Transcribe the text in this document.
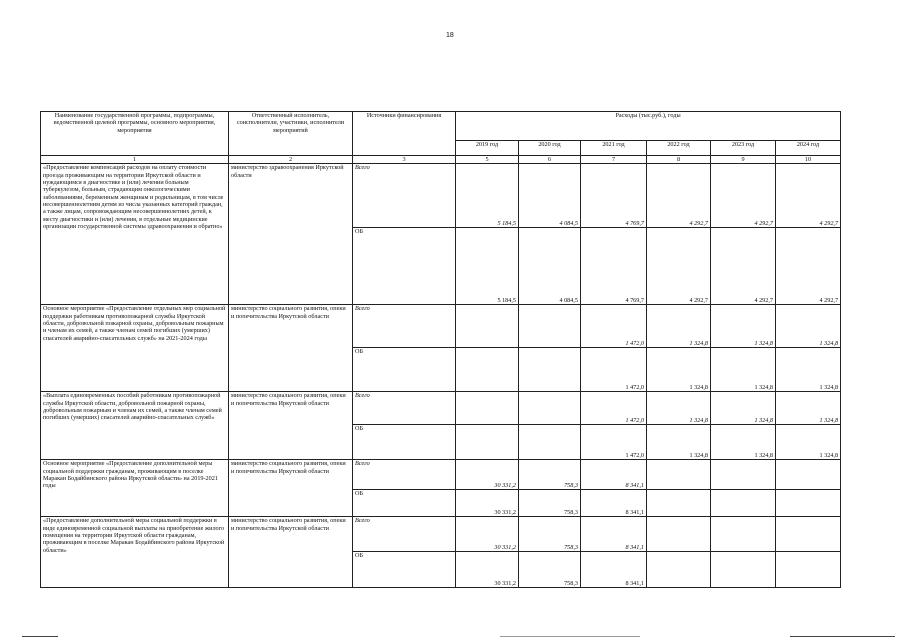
18
Наименование государственной программы, подпрограммы, ведомственной целевой программы, основного мероприятия, мероприятия	Ответственный исполнитель, соисполнители, участники, исполнители мероприятий	Источники финансирования	Расходы (тыс.руб.), годы					
			2019 год	2020 год	2021 год	2022 год	2023 год	2024 год
1	2	3	5	6	7	8	9	10
«Предоставление компенсаций расходов на оплату стоимости проезда проживающим на территории Иркутской области и нуждающимся в диагностике и (или) лечении больным туберкулезом, больным, страдающим онкологическими заболеваниями, беременным женщинам и родильницам, в том числе несовершеннолетним детям из числа указанных категорий граждан, а также лицам, сопровождающим несовершеннолетних детей, к месту диагностики и (или) лечения, в отдельные медицинские организации государственной системы здравоохранения и обратно»	министерство здравоохранения Иркутской области	Всего	5 184,5	4 084,5	4 769,7	4 292,7	4 292,7	4 292,7
		ОБ	5 184,5	4 084,5	4 769,7	4 292,7	4 292,7	4 292,7
Основное мероприятие «Предоставление отдельных мер социальной поддержки работникам противопожарной службы Иркутской области, добровольной пожарной охраны, добровольным пожарным и членам их семей, а также членам семей погибших (умерших) спасателей аварийно-спасательных служб» на 2021-2024 годы	министерство социального развития, опеки и попечительства Иркутской области	Всего			1 472,0	1 324,8	1 324,8	1 324,8
		ОБ			1 472,0	1 324,8	1 324,8	1 324,8
«Выплата единовременных пособий работникам противопожарной службы Иркутской области, добровольной пожарной охраны, добровольным пожарным и членам их семей, а также членам семей погибших (умерших) спасателей аварийно-спасательных служб»	министерство социального развития, опеки и попечительства Иркутской области	Всего			1 472,0	1 324,8	1 324,8	1 324,8
		ОБ			1 472,0	1 324,8	1 324,8	1 324,8
Основное мероприятие «Предоставление дополнительной меры социальной поддержки гражданам, проживающим в поселке Маракан Бодайбинского района Иркутской области» на 2019-2021 годы	министерство социального развития, опеки и попечительства Иркутской области	Всего	30 331,2	758,3	8 341,1			
		ОБ	30 331,2	758,3	8 341,1			
«Предоставление дополнительной меры социальной поддержки в виде единовременной социальной выплаты на приобретение жилого помещения на территории Иркутской области гражданам, проживающим в поселке Маракан Бодайбинского района Иркутской области»	министерство социального развития, опеки и попечительства Иркутской области	Всего	30 331,2	758,3	8 341,1			
		ОБ	30 331,2	758,3	8 341,1			
